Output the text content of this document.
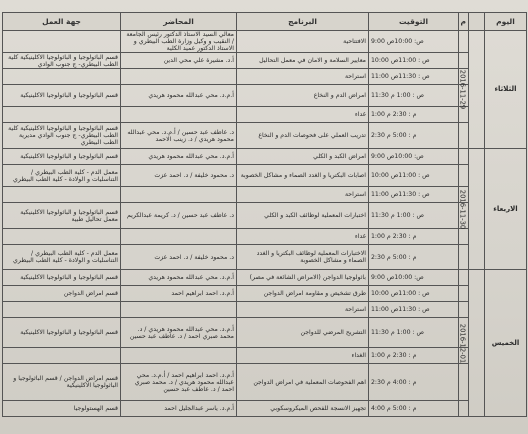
اليوم		م	التوقيت	البرنامج	المحاضر	جهة العمل
الثلاثاء	2016-11-29		9:00 ص: 10:00ص	الافتتاحية	معالي السيد الاستاذ الدكتور رئيس الجامعة / النقيب و وكيل وزارة الطب البيطري و الاستاذ الدكتور عميد الكلية	
			10:00 ص : 11:00ص	معايير السلامة و الامان في معمل التحاليل	أ.د. مشيرة علي محي الدين	قسم الباثولوجيا و الباثولوجيا الاكلينيكية كلية الطب البيطري- ج جنوب الوادي
			11:00 ص : 11:30ص	استراحة		
			11:30 ص : 1:00 م	امراض الدم و النخاع	أ.م.د. محي عبدالله محمود هريدي	قسم الباثولوجيا و الباثولوجيا الاكلينيكية
			1:00 م : 2:30 م	غداء		
			2:30 م : 5:00 م	تدريب العملي على فحوصات الدم و النخاع	د. عاطف عبد حسين / أ.م.د. محي عبدالله محمود هريدي / د. زينب الاحمد	قسم الباثولوجيا و الباثولوجيا الاكلينيكية كلية الطب البيطري- ج جنوب الوادي مديرية الطب البيطري
الاربعاء	2016-11-30		9:00 ص: 10:00ص	امراض الكبد و الكلي	أ.م.د. محي عبدالله محمود هريدي	قسم الباثولوجيا و الباثولوجيا الاكلينيكية
			10:00 ص : 11:00ص	اصابات البكتريا و الغدد الصماء و مشاكل الخصوبة	د. محمود خليفة / د. احمد عزت	معمل الدم - كلية الطب البيطري / التناسليات و الولادة - كلية الطب البيطري
			11:00 ص : 11:30ص	استراحة		
			11:30 ص : 1:00 م	اختبارات المعملية لوظائف الكبد و الكلي	د. عاطف عبد حسين / د. كريمة عبدالكريم	قسم الباثولوجيا و الباثولوجيا الاكلينيكية معمل تحاليل طبية
			1:00 م : 2:30 م	غداء		
			2:30 م : 5:00 م	الاختبارات المعملية لوظائف البكتريا و الغدد الصماء و مشاكل الخصوبة	د. محمود خليفة / د. احمد عزت	معمل الدم - كلية الطب البيطري / التناسليات و الولادة - كلية الطب البيطري
الخميس	2016-12-01		9:00 ص: 10:00ص	باثولوجيا الدواجن (الامراض الشائعة في مصر)	أ.م.د. محي عبدالله محمود هريدي	قسم الباثولوجيا و الباثولوجيا الاكلينيكية
			10:00 ص : 11:00ص	طرق تشخيص و مقاومة امراض الدواجن	أ.م.د. احمد ابراهيم احمد	قسم امراض الدواجن
			11:00 ص : 11:30ص	استراحة		
			11:30 ص : 1:00 م	التشريح المرضي للدواجن	أ.م.د. محي عبدالله محمود هريدي / د. محمد صبري احمد / د. عاطف عبد حسين	قسم الباثولوجيا و الباثولوجيا الاكلينيكية
			1:00 م : 2:30 م	الغداء		
			2:30 م : 4:00 م	اهم الفحوصات المعملية في امراض الدواجن	أ.م.د. احمد ابراهيم احمد / أ.م.د. محي عبدالله محمود هريدي / د. محمد صبري احمد / د. عاطف عبد حسين	قسم امراض الدواجن / قسم الباثولوجيا و الباثولوجيا الاكلينيكية
			4:00 م : 5:00 م	تجهيز الانسجة للفحص الميكروسكوبي	أ.م.د. ياسر عبدالجليل احمد	قسم الهستولوجيا
